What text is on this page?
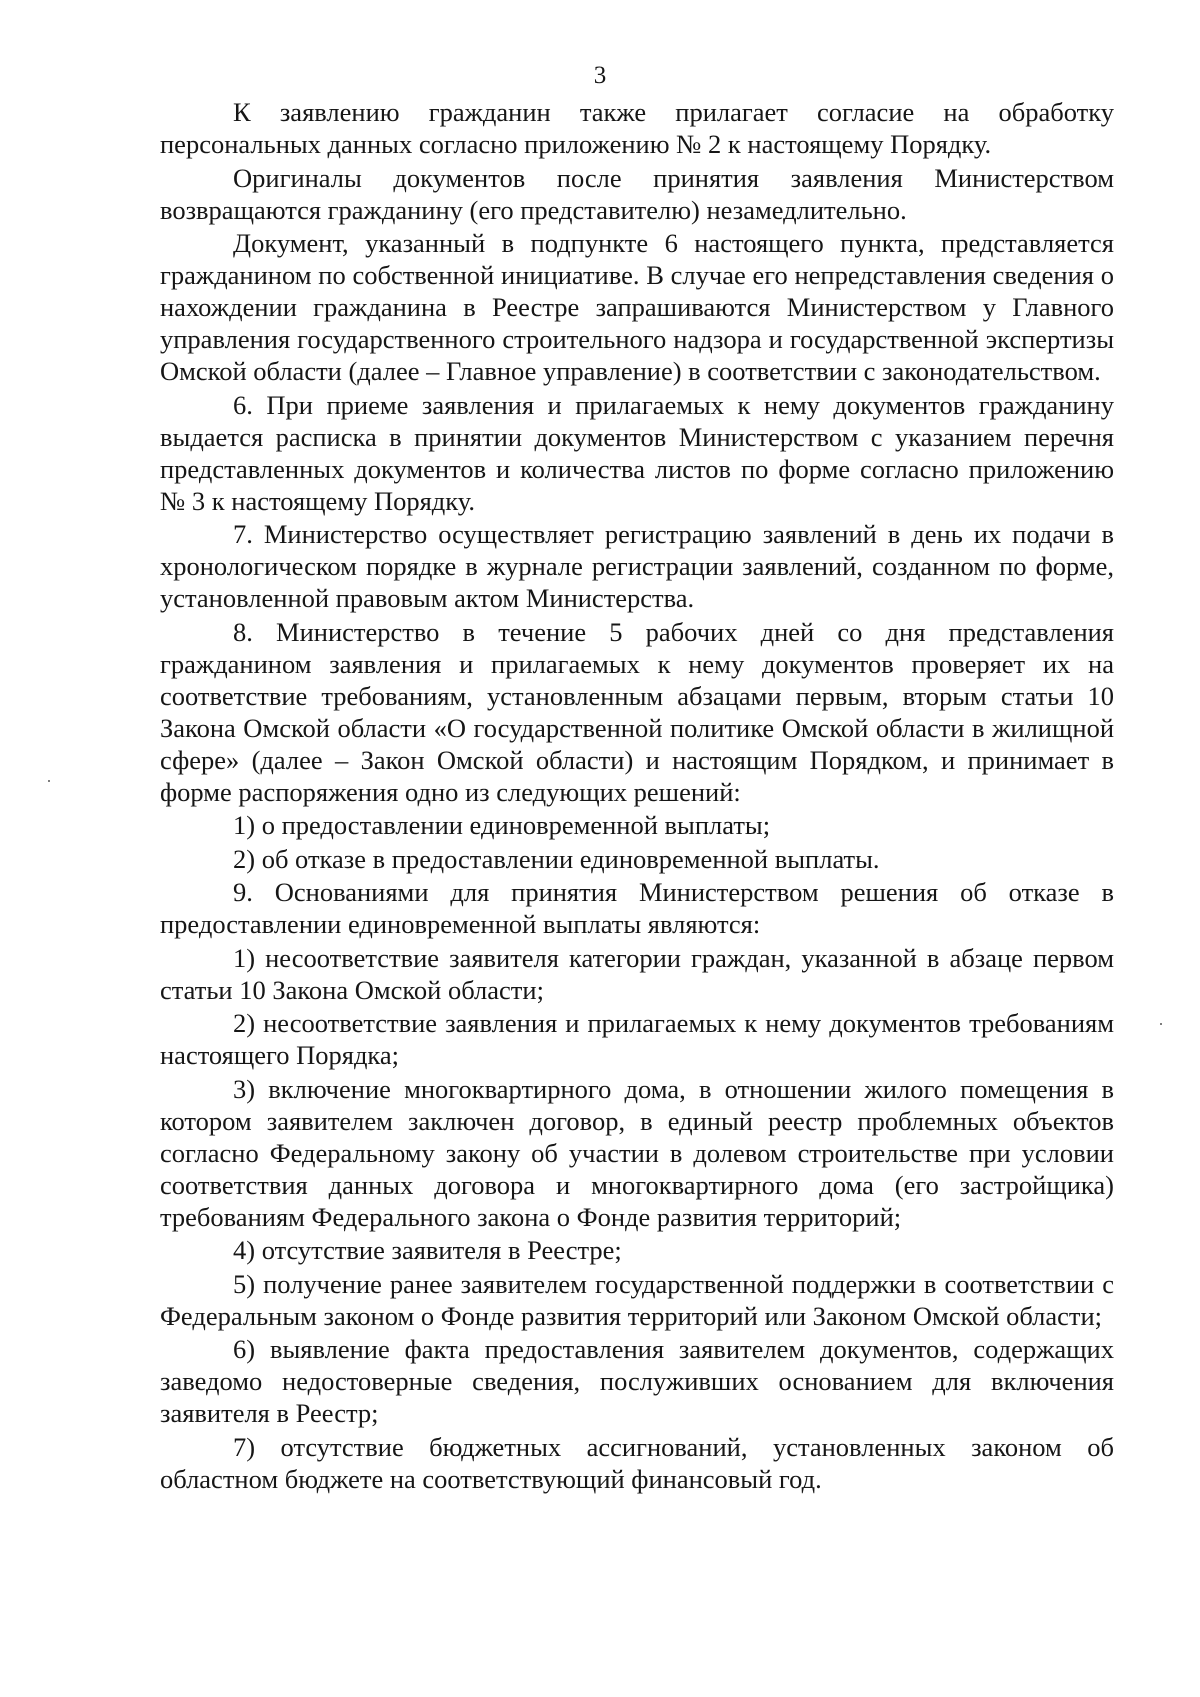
3

К заявлению гражданин также прилагает согласие на обработку персональных данных согласно приложению № 2 к настоящему Порядку.

Оригиналы документов после принятия заявления Министерством возвращаются гражданину (его представителю) незамедлительно.

Документ, указанный в подпункте 6 настоящего пункта, представляется гражданином по собственной инициативе. В случае его непредставления сведения о нахождении гражданина в Реестре запрашиваются Министерством у Главного управления государственного строительного надзора и государственной экспертизы Омской области (далее – Главное управление) в соответствии с законодательством.

6. При приеме заявления и прилагаемых к нему документов гражданину выдается расписка в принятии документов Министерством с указанием перечня представленных документов и количества листов по форме согласно приложению № 3 к настоящему Порядку.

7. Министерство осуществляет регистрацию заявлений в день их подачи в хронологическом порядке в журнале регистрации заявлений, созданном по форме, установленной правовым актом Министерства.

8. Министерство в течение 5 рабочих дней со дня представления гражданином заявления и прилагаемых к нему документов проверяет их на соответствие требованиям, установленным абзацами первым, вторым статьи 10 Закона Омской области «О государственной политике Омской области в жилищной сфере» (далее – Закон Омской области) и настоящим Порядком, и принимает в форме распоряжения одно из следующих решений:

1) о предоставлении единовременной выплаты;

2) об отказе в предоставлении единовременной выплаты.

9. Основаниями для принятия Министерством решения об отказе в предоставлении единовременной выплаты являются:

1) несоответствие заявителя категории граждан, указанной в абзаце первом статьи 10 Закона Омской области;

2) несоответствие заявления и прилагаемых к нему документов требованиям настоящего Порядка;

3) включение многоквартирного дома, в отношении жилого помещения в котором заявителем заключен договор, в единый реестр проблемных объектов согласно Федеральному закону об участии в долевом строительстве при условии соответствия данных договора и многоквартирного дома (его застройщика) требованиям Федерального закона о Фонде развития территорий;

4) отсутствие заявителя в Реестре;

5) получение ранее заявителем государственной поддержки в соответствии с Федеральным законом о Фонде развития территорий или Законом Омской области;

6) выявление факта предоставления заявителем документов, содержащих заведомо недостоверные сведения, послуживших основанием для включения заявителя в Реестр;

7) отсутствие бюджетных ассигнований, установленных законом об областном бюджете на соответствующий финансовый год.
